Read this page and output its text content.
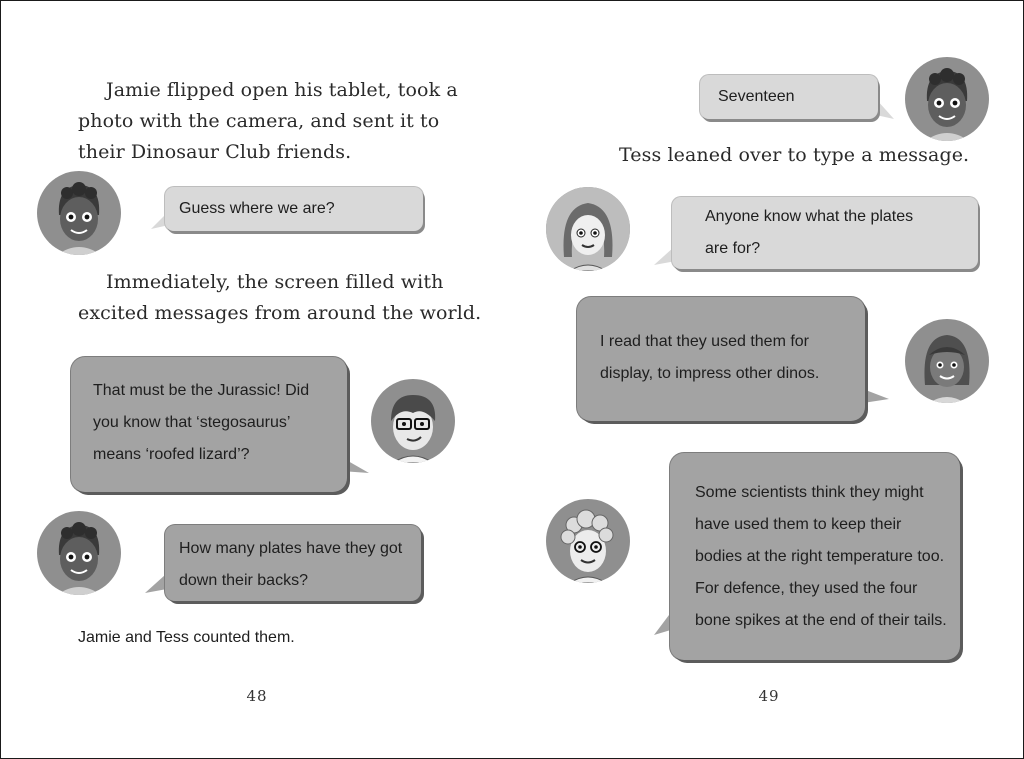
Jamie flipped open his tablet, took a
photo with the camera, and sent it to
their Dinosaur Club friends.

Guess where we are?

Immediately, the screen filled with
excited messages from around the world.

That must be the Jurassic! Did
you know that ‘stegosaurus’
means ‘roofed lizard’?
How many plates have they got
down their backs?

Jamie and Tess counted them.

48
Seventeen

Tess leaned over to type a message.

Anyone know what the plates
are for?
I read that they used them for
display, to impress other dinos.
Some scientists think they might
have used them to keep their
bodies at the right temperature too.
For defence, they used the four
bone spikes at the end of their tails.
49
